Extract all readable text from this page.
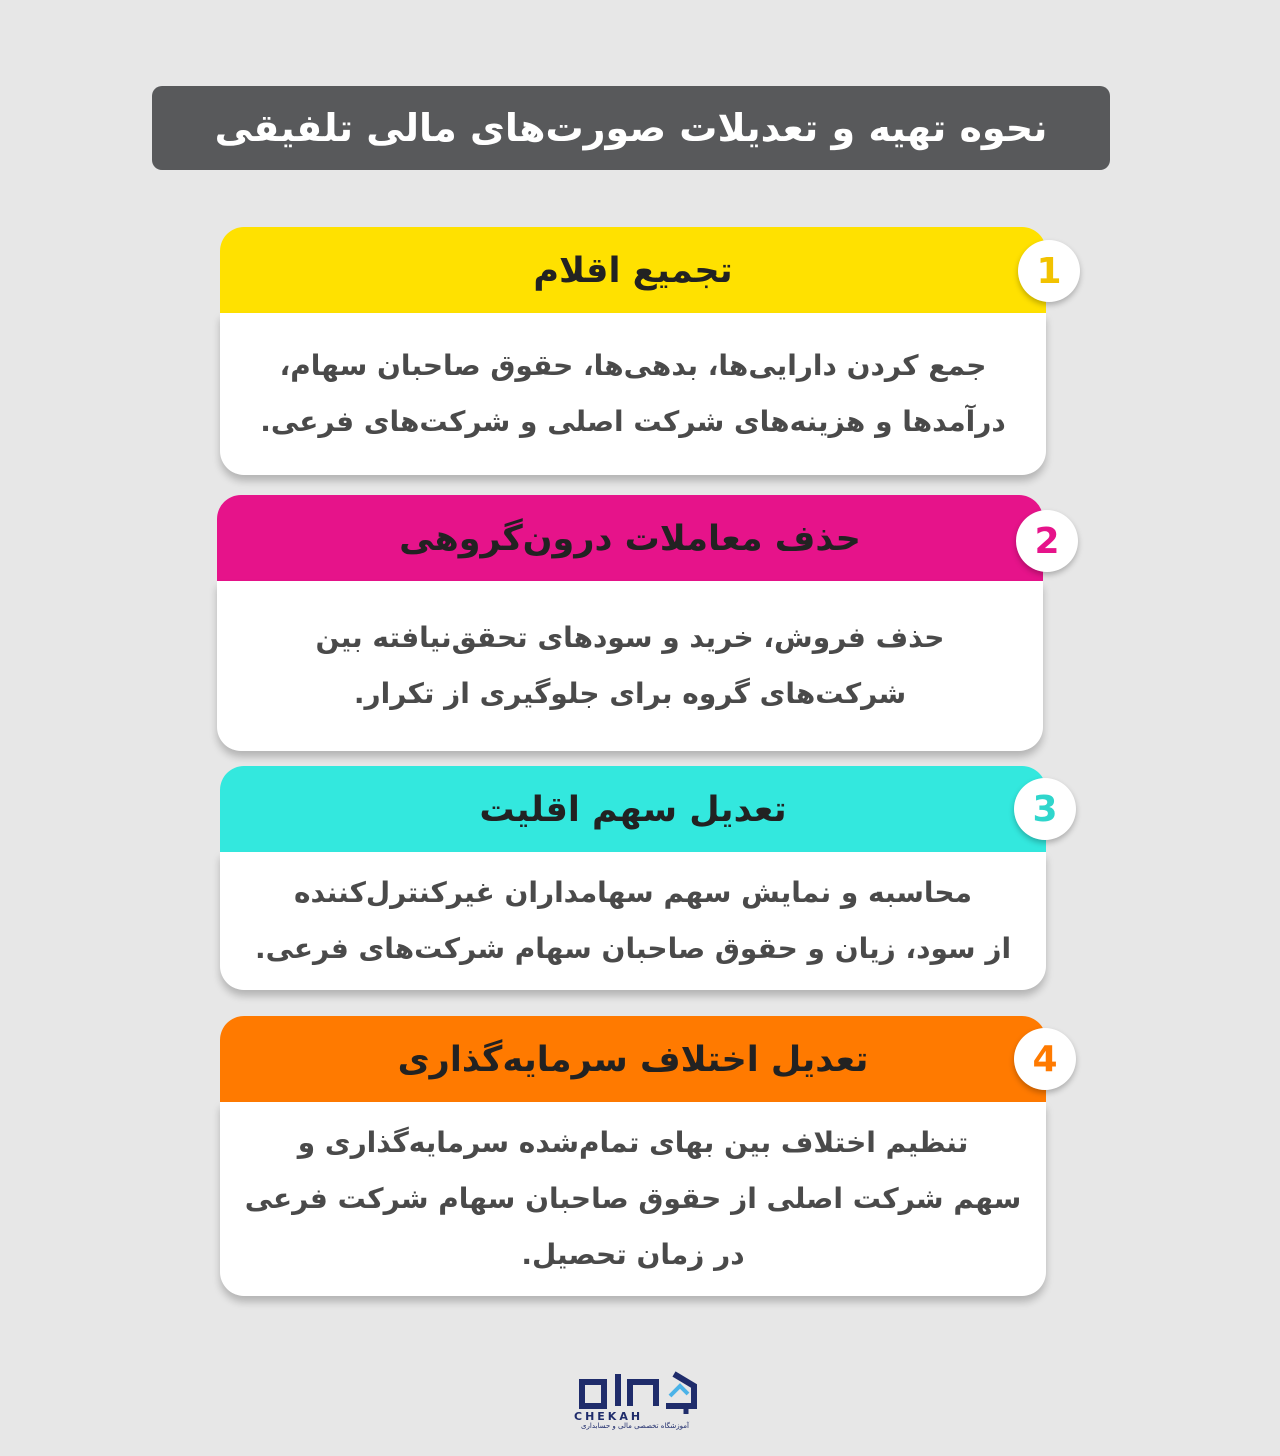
نحوه تهیه و تعدیلات صورت‌های مالی تلفیقی
تجمیع اقلام

جمع کردن دارایی‌ها، بدهی‌ها، حقوق صاحبان سهام،
درآمدها و هزینه‌های شرکت اصلی و شرکت‌های فرعی.

1
حذف معاملات درون‌گروهی

حذف فروش، خرید و سودهای تحقق‌نیافته بین
شرکت‌های گروه برای جلوگیری از تکرار.

2
تعدیل سهم اقلیت

محاسبه و نمایش سهم سهامداران غیرکنترل‌کننده
از سود، زیان و حقوق صاحبان سهام شرکت‌های فرعی.

3
تعدیل اختلاف سرمایه‌گذاری

تنظیم اختلاف بین بهای تمام‌شده سرمایه‌گذاری و
سهم شرکت اصلی از حقوق صاحبان سهام شرکت فرعی
در زمان تحصیل.

4
CHEKAH
آموزشگاه تخصصی مالی و حسابداری
